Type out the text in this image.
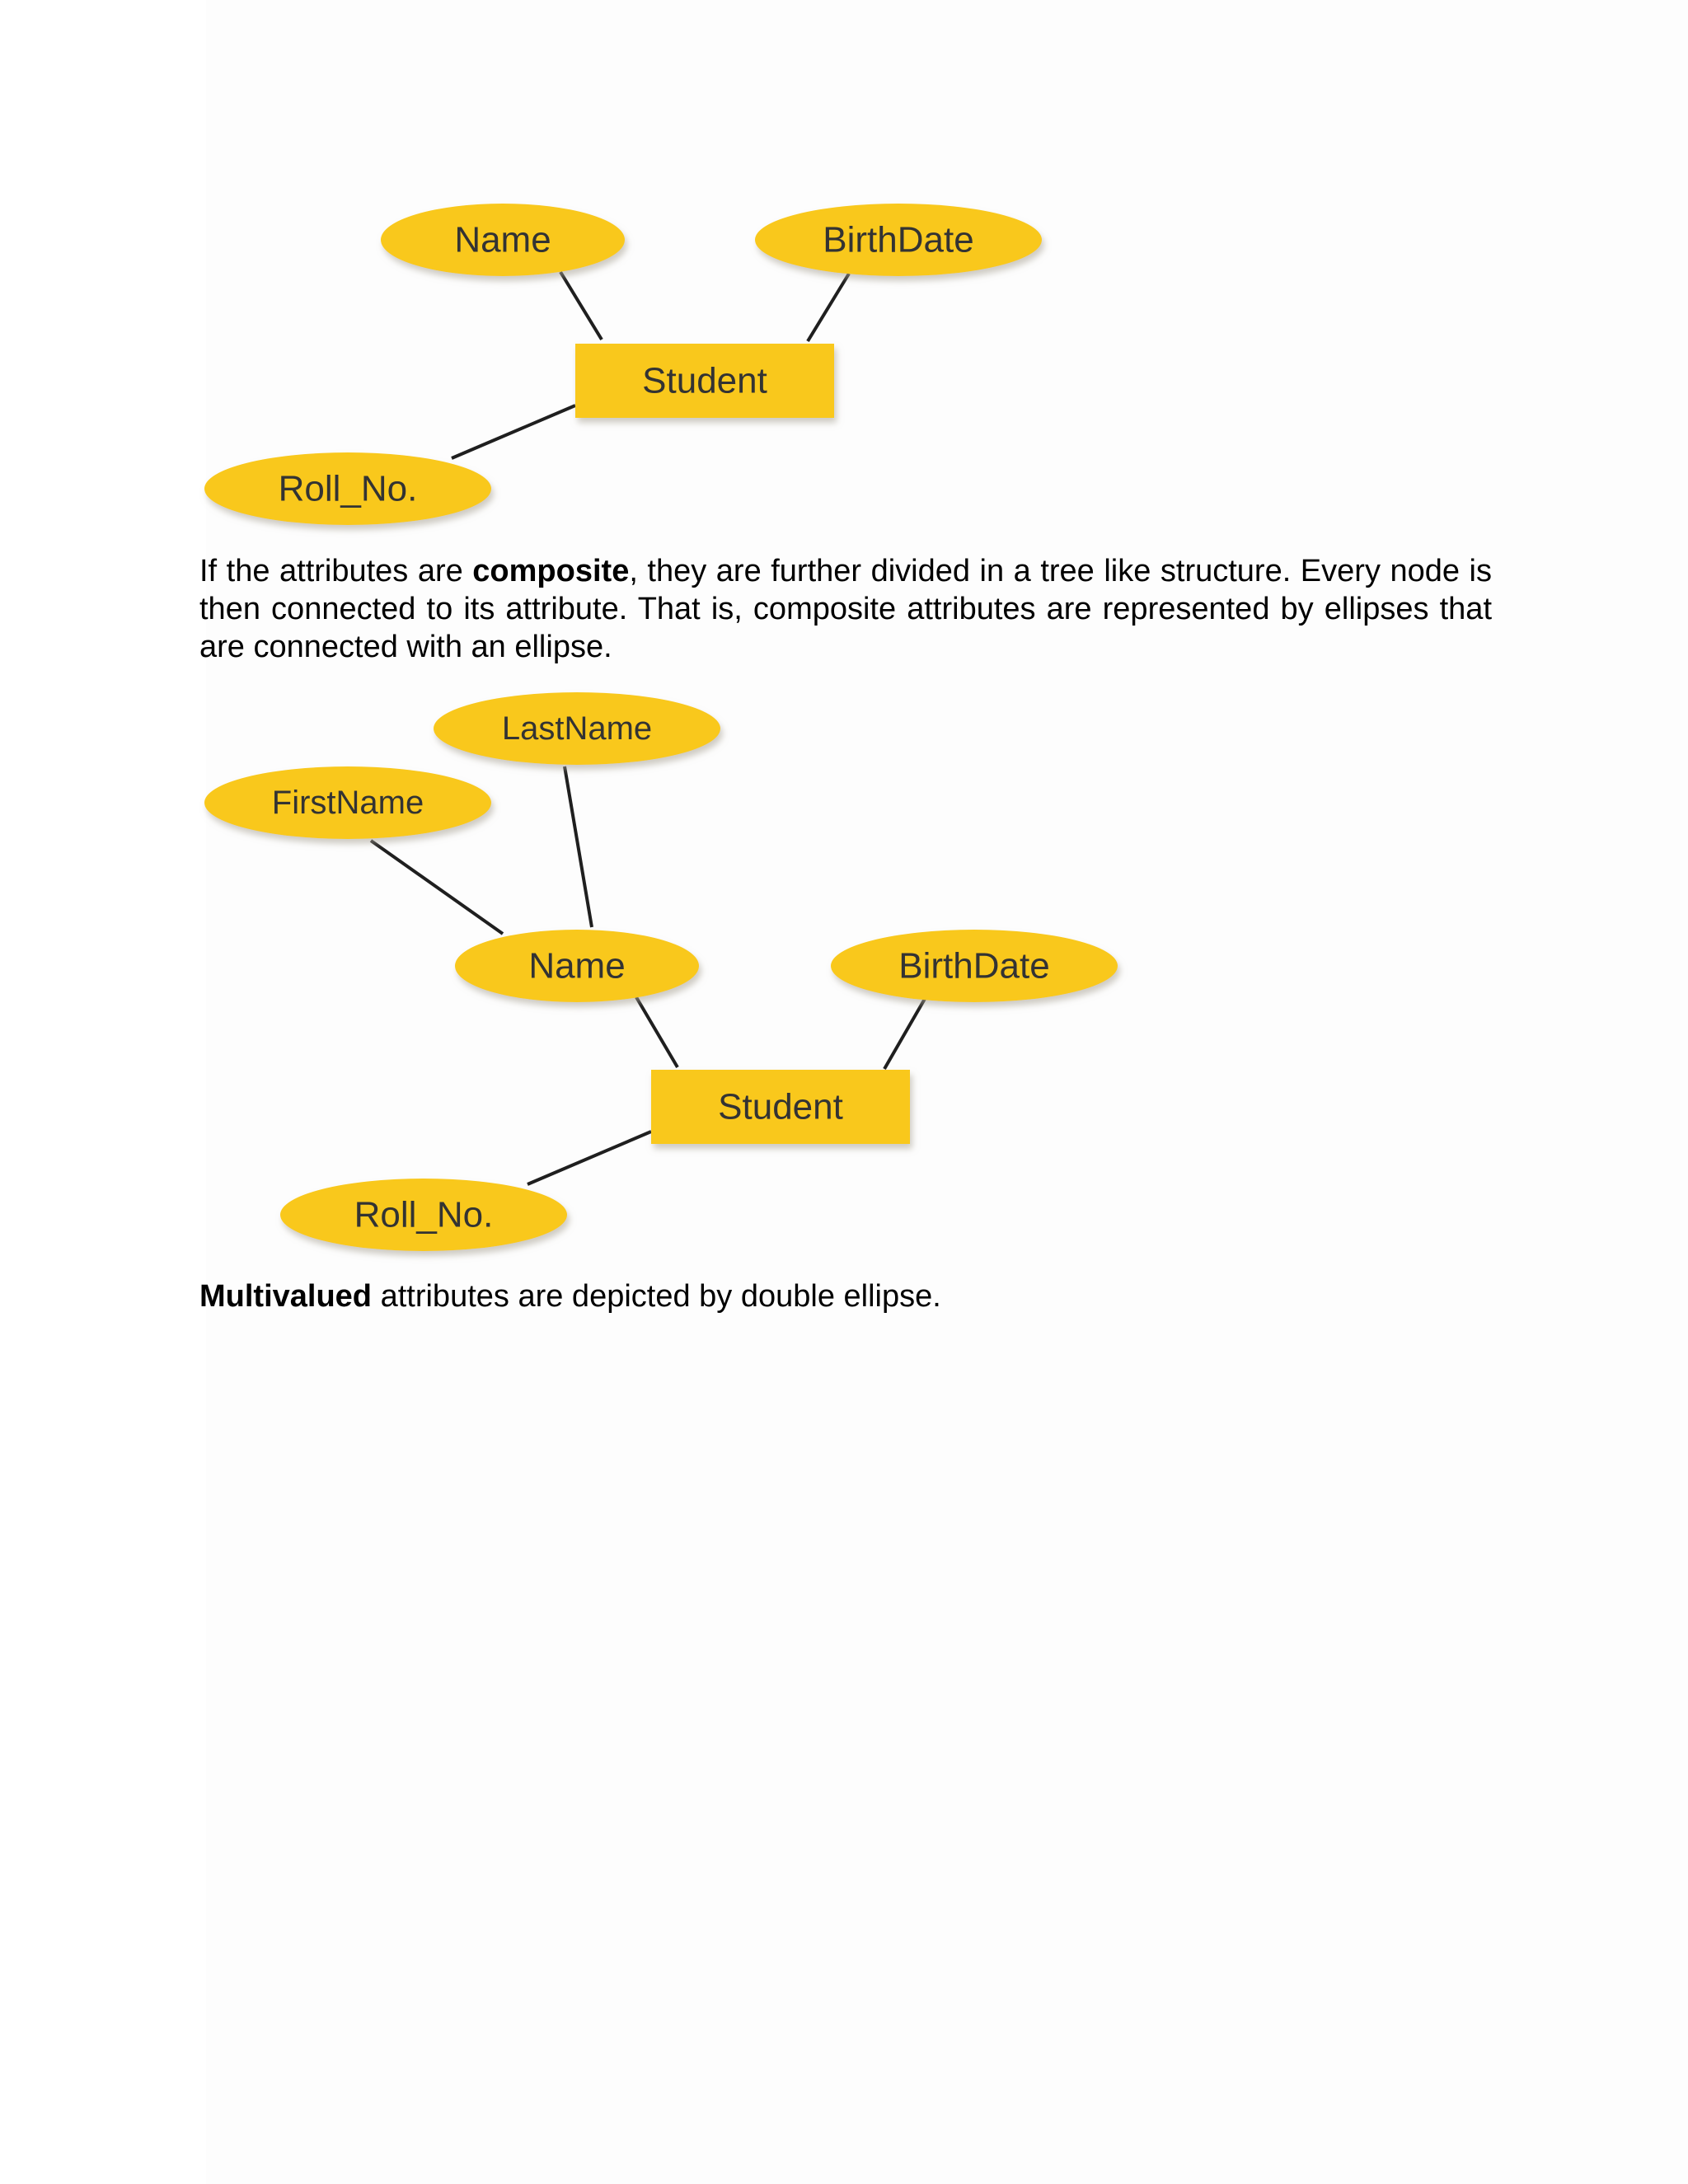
Name	BirthDate
Student
Roll_No.

If the attributes are composite, they are further divided in a tree like structure. Every node is then connected to its attribute. That is, composite attributes are represented by ellipses that are connected with an ellipse.

LastName
FirstName
Name	BirthDate
Student
Roll_No.

Multivalued attributes are depicted by double ellipse.
